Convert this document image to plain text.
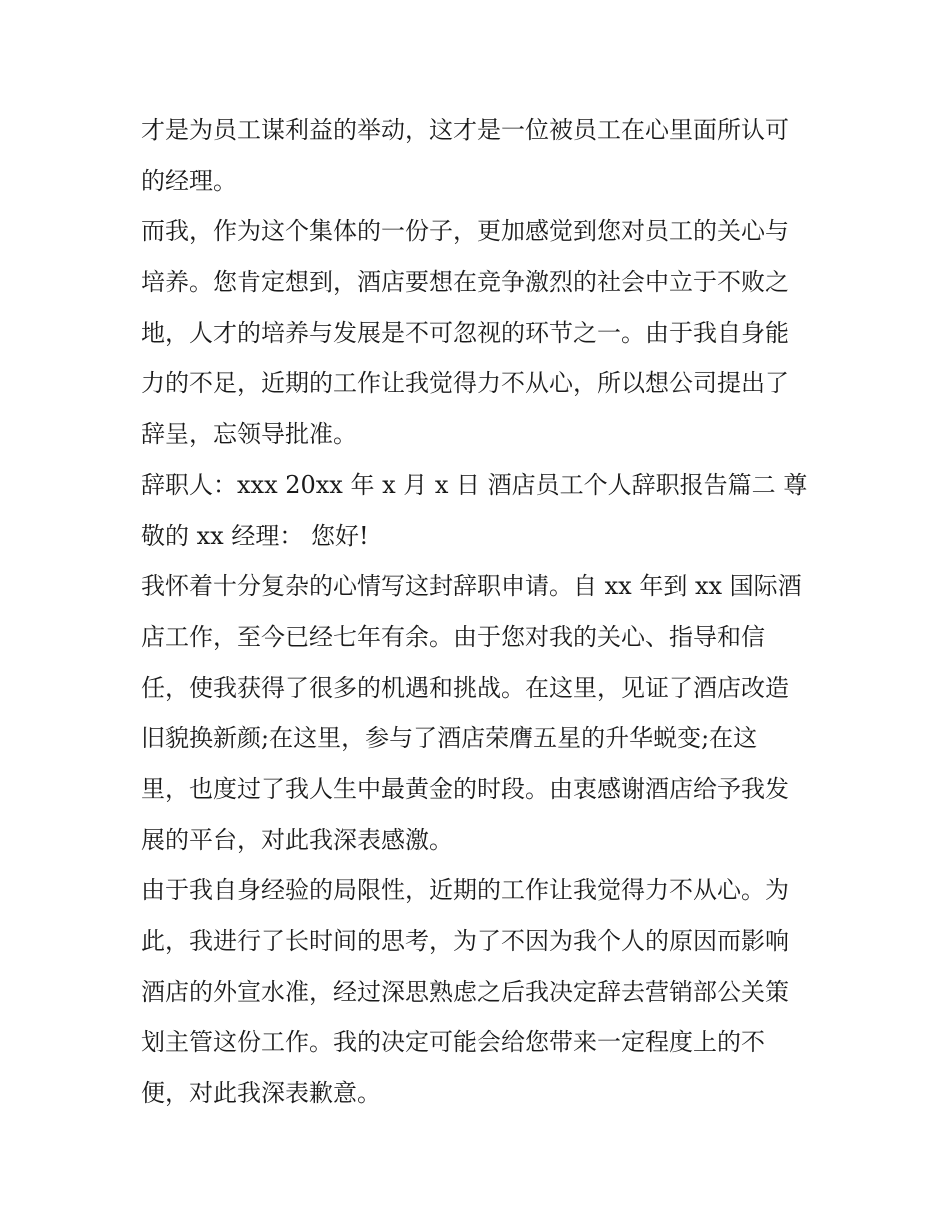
才是为员工谋利益的举动，这才是一位被员工在心里面所认可
的经理。
而我，作为这个集体的一份子，更加感觉到您对员工的关心与
培养。您肯定想到，酒店要想在竞争激烈的社会中立于不败之
地，人才的培养与发展是不可忽视的环节之一。由于我自身能
力的不足，近期的工作让我觉得力不从心，所以想公司提出了
辞呈，忘领导批准。
辞职人：xxx 20xx 年 x 月 x 日 酒店员工个人辞职报告篇二 尊
敬的 xx 经理： 您好!
我怀着十分复杂的心情写这封辞职申请。自 xx 年到 xx 国际酒
店工作，至今已经七年有余。由于您对我的关心、指导和信
任，使我获得了很多的机遇和挑战。在这里，见证了酒店改造
旧貌换新颜;在这里，参与了酒店荣膺五星的升华蜕变;在这
里，也度过了我人生中最黄金的时段。由衷感谢酒店给予我发
展的平台，对此我深表感激。
由于我自身经验的局限性，近期的工作让我觉得力不从心。为
此，我进行了长时间的思考，为了不因为我个人的原因而影响
酒店的外宣水准，经过深思熟虑之后我决定辞去营销部公关策
划主管这份工作。我的决定可能会给您带来一定程度上的不
便，对此我深表歉意。
